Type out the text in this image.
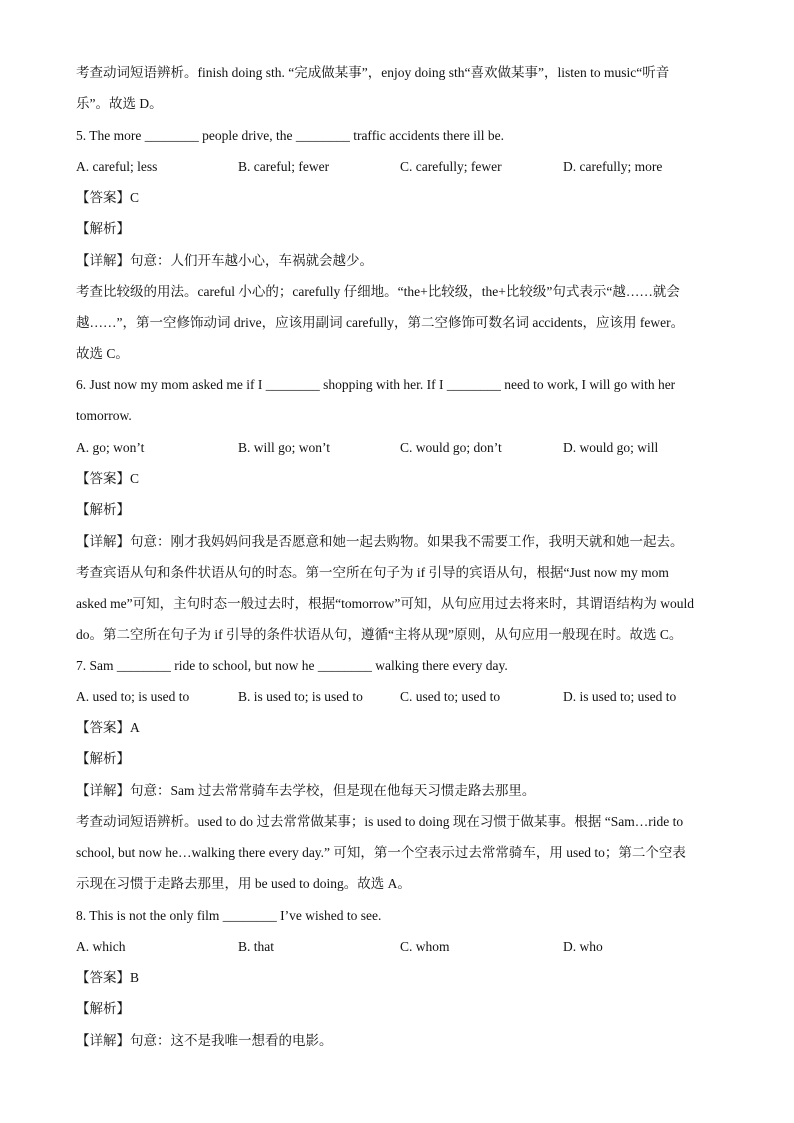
考查动词短语辨析。finish doing sth. “完成做某事”，enjoy doing sth“喜欢做某事”，listen to music“听音
乐”。故选 D。
5. The more ________ people drive, the ________ traffic accidents there ill be.
A. careful; less	B. careful; fewer	C. carefully; fewer	D. carefully; more
【答案】C
【解析】
【详解】句意：人们开车越小心，车祸就会越少。
考查比较级的用法。careful 小心的；carefully 仔细地。“the+比较级，the+比较级”句式表示“越……就会
越……”，第一空修饰动词 drive，应该用副词 carefully，第二空修饰可数名词 accidents，应该用 fewer。
故选 C。
6. Just now my mom asked me if I ________ shopping with her. If I ________ need to work, I will go with her
tomorrow.
A. go; won’t	B. will go; won’t	C. would go; don’t	D. would go; will
【答案】C
【解析】
【详解】句意：刚才我妈妈问我是否愿意和她一起去购物。如果我不需要工作，我明天就和她一起去。
考查宾语从句和条件状语从句的时态。第一空所在句子为 if 引导的宾语从句，根据“Just now my mom
asked me”可知，主句时态一般过去时，根据“tomorrow”可知，从句应用过去将来时，其谓语结构为 would
do。第二空所在句子为 if 引导的条件状语从句，遵循“主将从现”原则，从句应用一般现在时。故选 C。
7. Sam ________ ride to school, but now he ________ walking there every day.
A. used to; is used to	B. is used to; is used to	C. used to; used to	D. is used to; used to
【答案】A
【解析】
【详解】句意：Sam 过去常常骑车去学校，但是现在他每天习惯走路去那里。
考查动词短语辨析。used to do 过去常常做某事；is used to doing 现在习惯于做某事。根据 “Sam…ride to
school, but now he…walking there every day.” 可知，第一个空表示过去常常骑车，用 used to；第二个空表
示现在习惯于走路去那里，用 be used to doing。故选 A。
8. This is not the only film ________ I’ve wished to see.
A. which	B. that	C. whom	D. who
【答案】B
【解析】
【详解】句意：这不是我唯一想看的电影。
